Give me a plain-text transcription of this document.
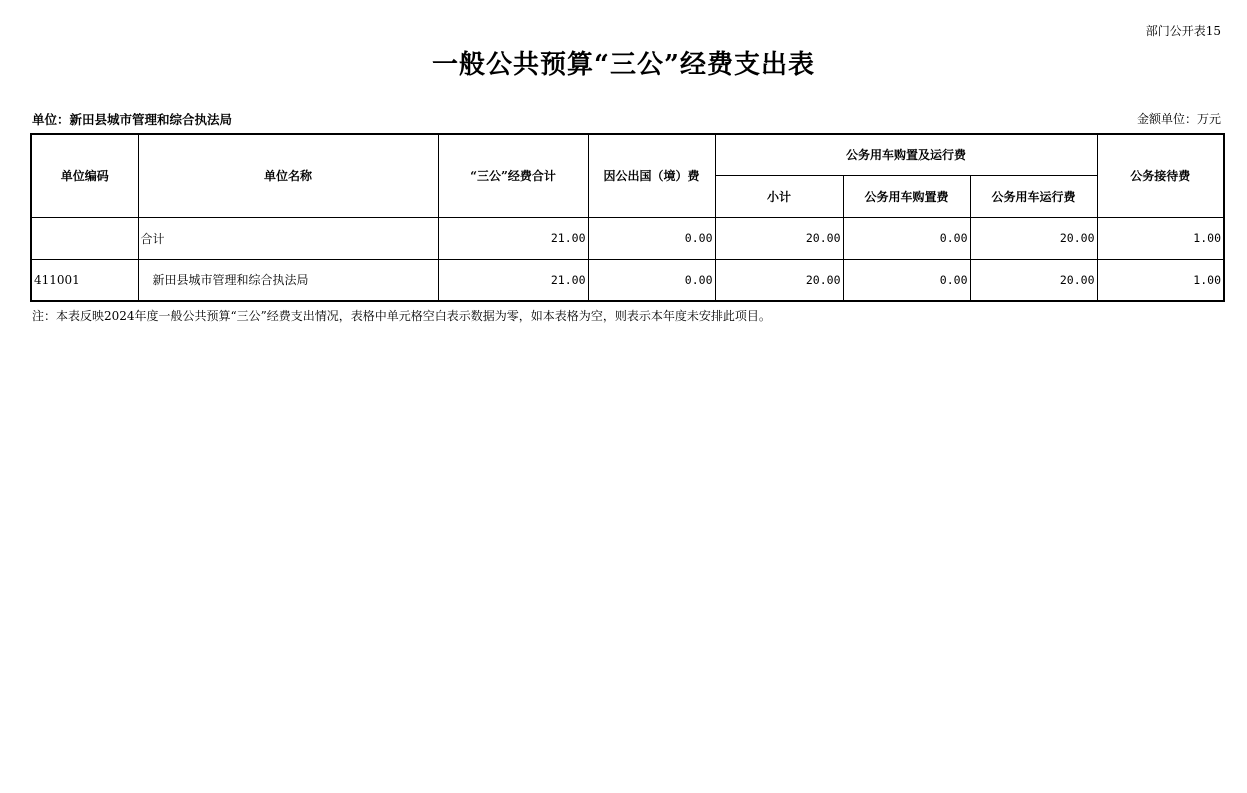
部门公开表15
一般公共预算“三公”经费支出表
单位：新田县城市管理和综合执法局	金额单位：万元
单位编码	单位名称	“三公”经费合计	因公出国（境）费	公务用车购置及运行费			公务接待费
				小计	公务用车购置费	公务用车运行费	
	合计	21.00	0.00	20.00	0.00	20.00	1.00
411001	新田县城市管理和综合执法局	21.00	0.00	20.00	0.00	20.00	1.00
注：本表反映2024年度一般公共预算“三公”经费支出情况，表格中单元格空白表示数据为零，如本表格为空，则表示本年度未安排此项目。
